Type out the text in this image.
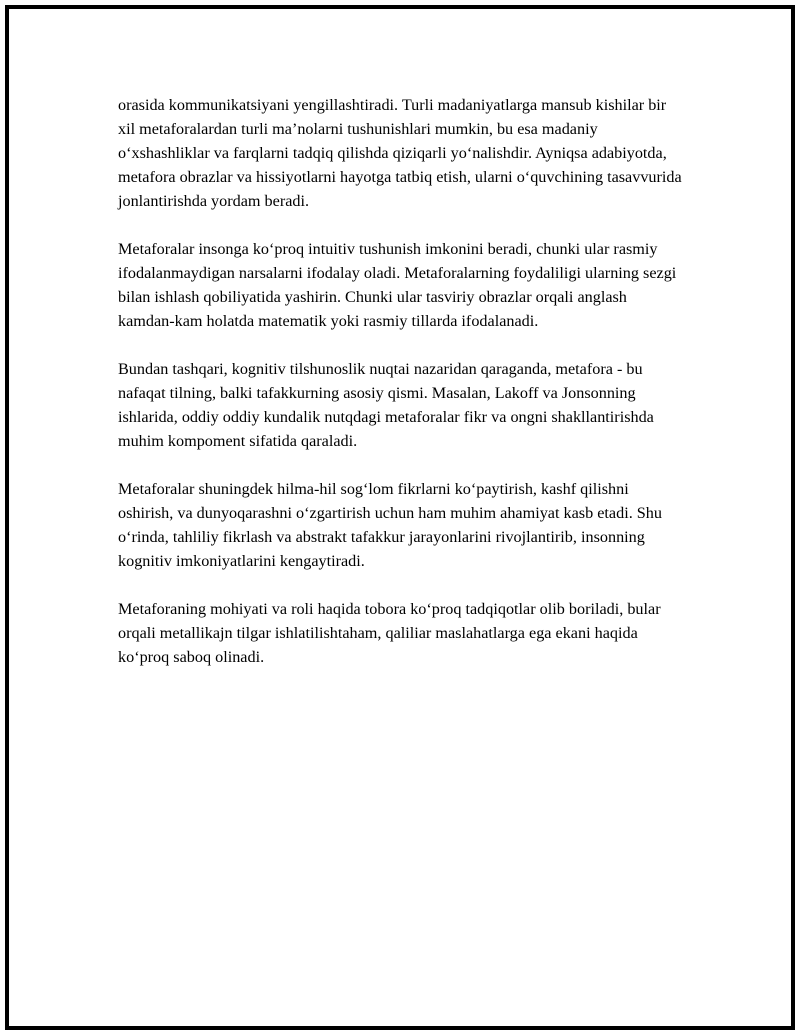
orasida kommunikatsiyani yengillashtiradi. Turli madaniyatlarga mansub kishilar bir xil metaforalardan turli ma’nolarni tushunishlari mumkin, bu esa madaniy o‘xshashliklar va farqlarni tadqiq qilishda qiziqarli yo‘nalishdir. Ayniqsa adabiyotda, metafora obrazlar va hissiyotlarni hayotga tatbiq etish, ularni o‘quvchining tasavvurida jonlantirishda yordam beradi.

Metaforalar insonga ko‘proq intuitiv tushunish imkonini beradi, chunki ular rasmiy ifodalanmaydigan narsalarni ifodalay oladi. Metaforalarning foydaliligi ularning sezgi bilan ishlash qobiliyatida yashirin. Chunki ular tasviriy obrazlar orqali anglash kamdan-kam holatda matematik yoki rasmiy tillarda ifodalanadi.

Bundan tashqari, kognitiv tilshunoslik nuqtai nazaridan qaraganda, metafora - bu nafaqat tilning, balki tafakkurning asosiy qismi. Masalan, Lakoff va Jonsonning ishlarida, oddiy oddiy kundalik nutqdagi metaforalar fikr va ongni shakllantirishda muhim kompoment sifatida qaraladi.

Metaforalar shuningdek hilma-hil sog‘lom fikrlarni ko‘paytirish, kashf qilishni oshirish, va dunyoqarashni o‘zgartirish uchun ham muhim ahamiyat kasb etadi. Shu o‘rinda, tahliliy fikrlash va abstrakt tafakkur jarayonlarini rivojlantirib, insonning kognitiv imkoniyatlarini kengaytiradi.

Metaforaning mohiyati va roli haqida tobora ko‘proq tadqiqotlar olib boriladi, bular orqali metallikajn tilgar ishlatilishtaham, qaliliar maslahatlarga ega ekani haqida ko‘proq saboq olinadi.
